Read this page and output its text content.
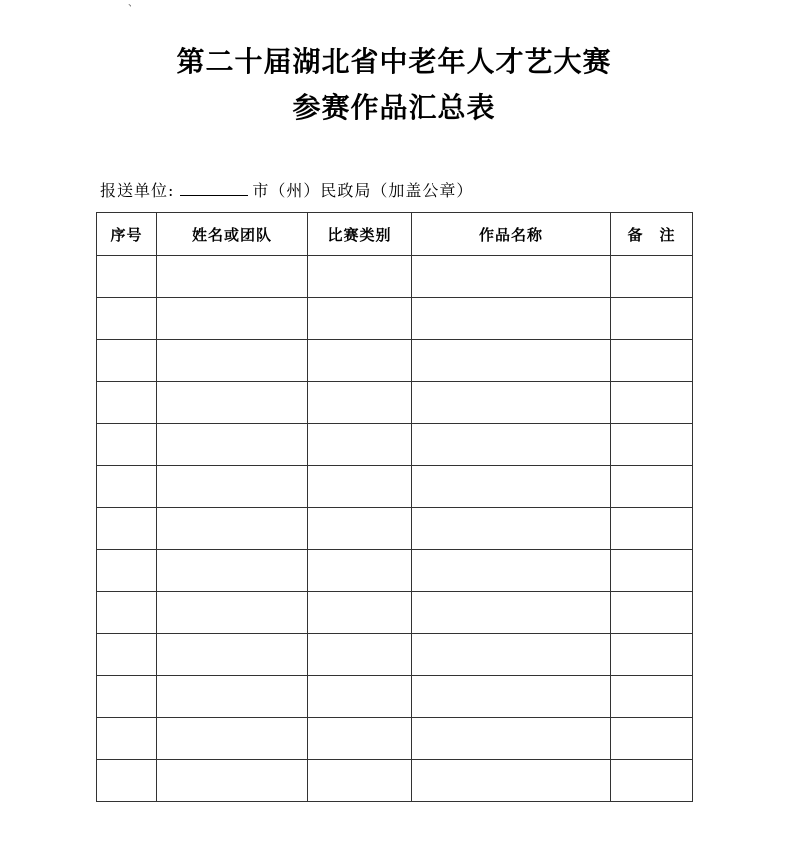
、
第二十届湖北省中老年人才艺大赛
参赛作品汇总表
报送单位:	市（州）民政局（加盖公章）
序号	姓名或团队	比赛类别	作品名称	备　注
